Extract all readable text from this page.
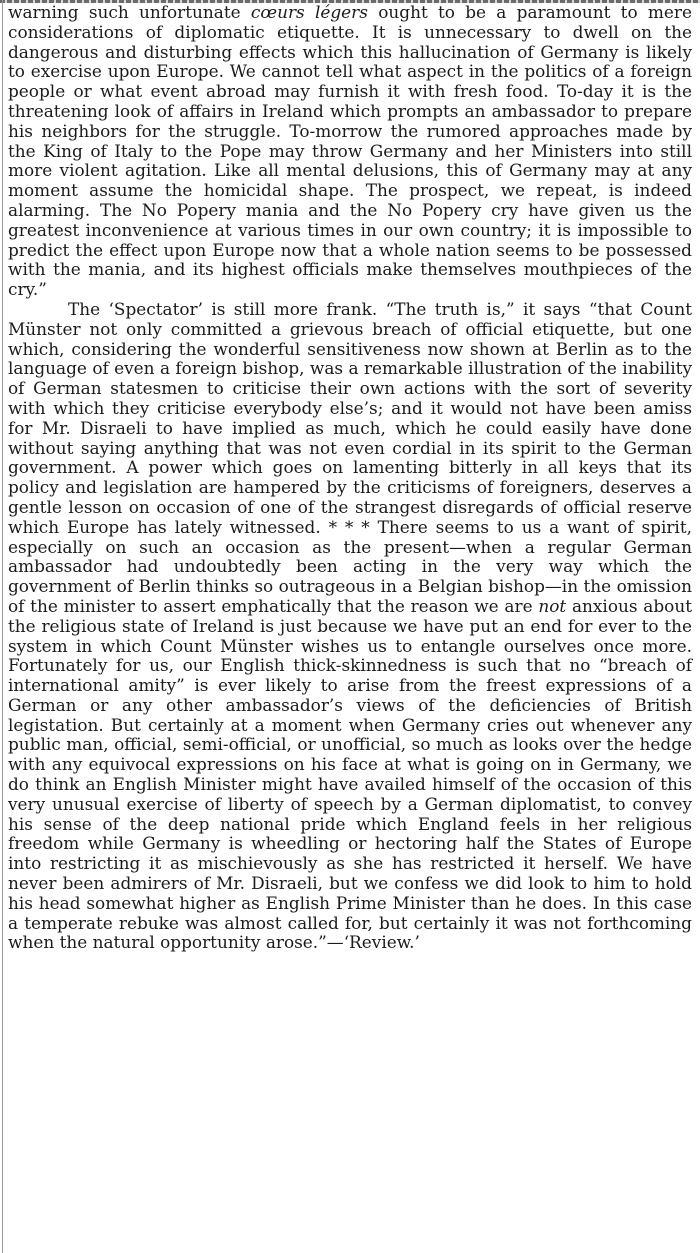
warning such unfortunate cœurs légers ought to be a paramount to mere considerations of diplomatic etiquette. It is unnecessary to dwell on the dangerous and disturbing effects which this hallucination of Germany is likely to exercise upon Europe. We cannot tell what aspect in the politics of a foreign people or what event abroad may furnish it with fresh food. To-day it is the threatening look of affairs in Ireland which prompts an ambassador to prepare his neighbors for the struggle. To-morrow the rumored approaches made by the King of Italy to the Pope may throw Germany and her Ministers into still more violent agitation. Like all mental delusions, this of Germany may at any moment assume the homicidal shape. The prospect, we repeat, is indeed alarming. The No Popery mania and the No Popery cry have given us the greatest inconvenience at various times in our own country; it is impossible to predict the effect upon Europe now that a whole nation seems to be possessed with the mania, and its highest officials make themselves mouthpieces of the cry.”

The ‘Spectator’ is still more frank. “The truth is,” it says “that Count Münster not only committed a grievous breach of official etiquette, but one which, considering the wonderful sensitiveness now shown at Berlin as to the language of even a foreign bishop, was a remarkable illustration of the inability of German statesmen to criticise their own actions with the sort of severity with which they criticise everybody else’s; and it would not have been amiss for Mr. Disraeli to have implied as much, which he could easily have done without saying anything that was not even cordial in its spirit to the German government. A power which goes on lamenting bitterly in all keys that its policy and legislation are hampered by the criticisms of foreigners, deserves a gentle lesson on occasion of one of the strangest disregards of official reserve which Europe has lately witnessed. * * * There seems to us a want of spirit, especially on such an occasion as the present—when a regular German ambassador had undoubtedly been acting in the very way which the government of Berlin thinks so outrageous in a Belgian bishop—in the omission of the minister to assert emphatically that the reason we are not anxious about the religious state of Ireland is just because we have put an end for ever to the system in which Count Münster wishes us to entangle ourselves once more. Fortunately for us, our English thick-skinnedness is such that no “breach of international amity” is ever likely to arise from the freest expressions of a German or any other ambassador’s views of the deficiencies of British legistation. But certainly at a moment when Germany cries out whenever any public man, official, semi-official, or unofficial, so much as looks over the hedge with any equivocal expressions on his face at what is going on in Germany, we do think an English Minister might have availed himself of the occasion of this very unusual exercise of liberty of speech by a German diplomatist, to convey his sense of the deep national pride which England feels in her religious freedom while Germany is wheedling or hectoring half the States of Europe into restricting it as mischievously as she has restricted it herself. We have never been admirers of Mr. Disraeli, but we confess we did look to him to hold his head somewhat higher as English Prime Minister than he does. In this case a temperate rebuke was almost called for, but certainly it was not forthcoming when the natural opportunity arose.”—‘Review.’
